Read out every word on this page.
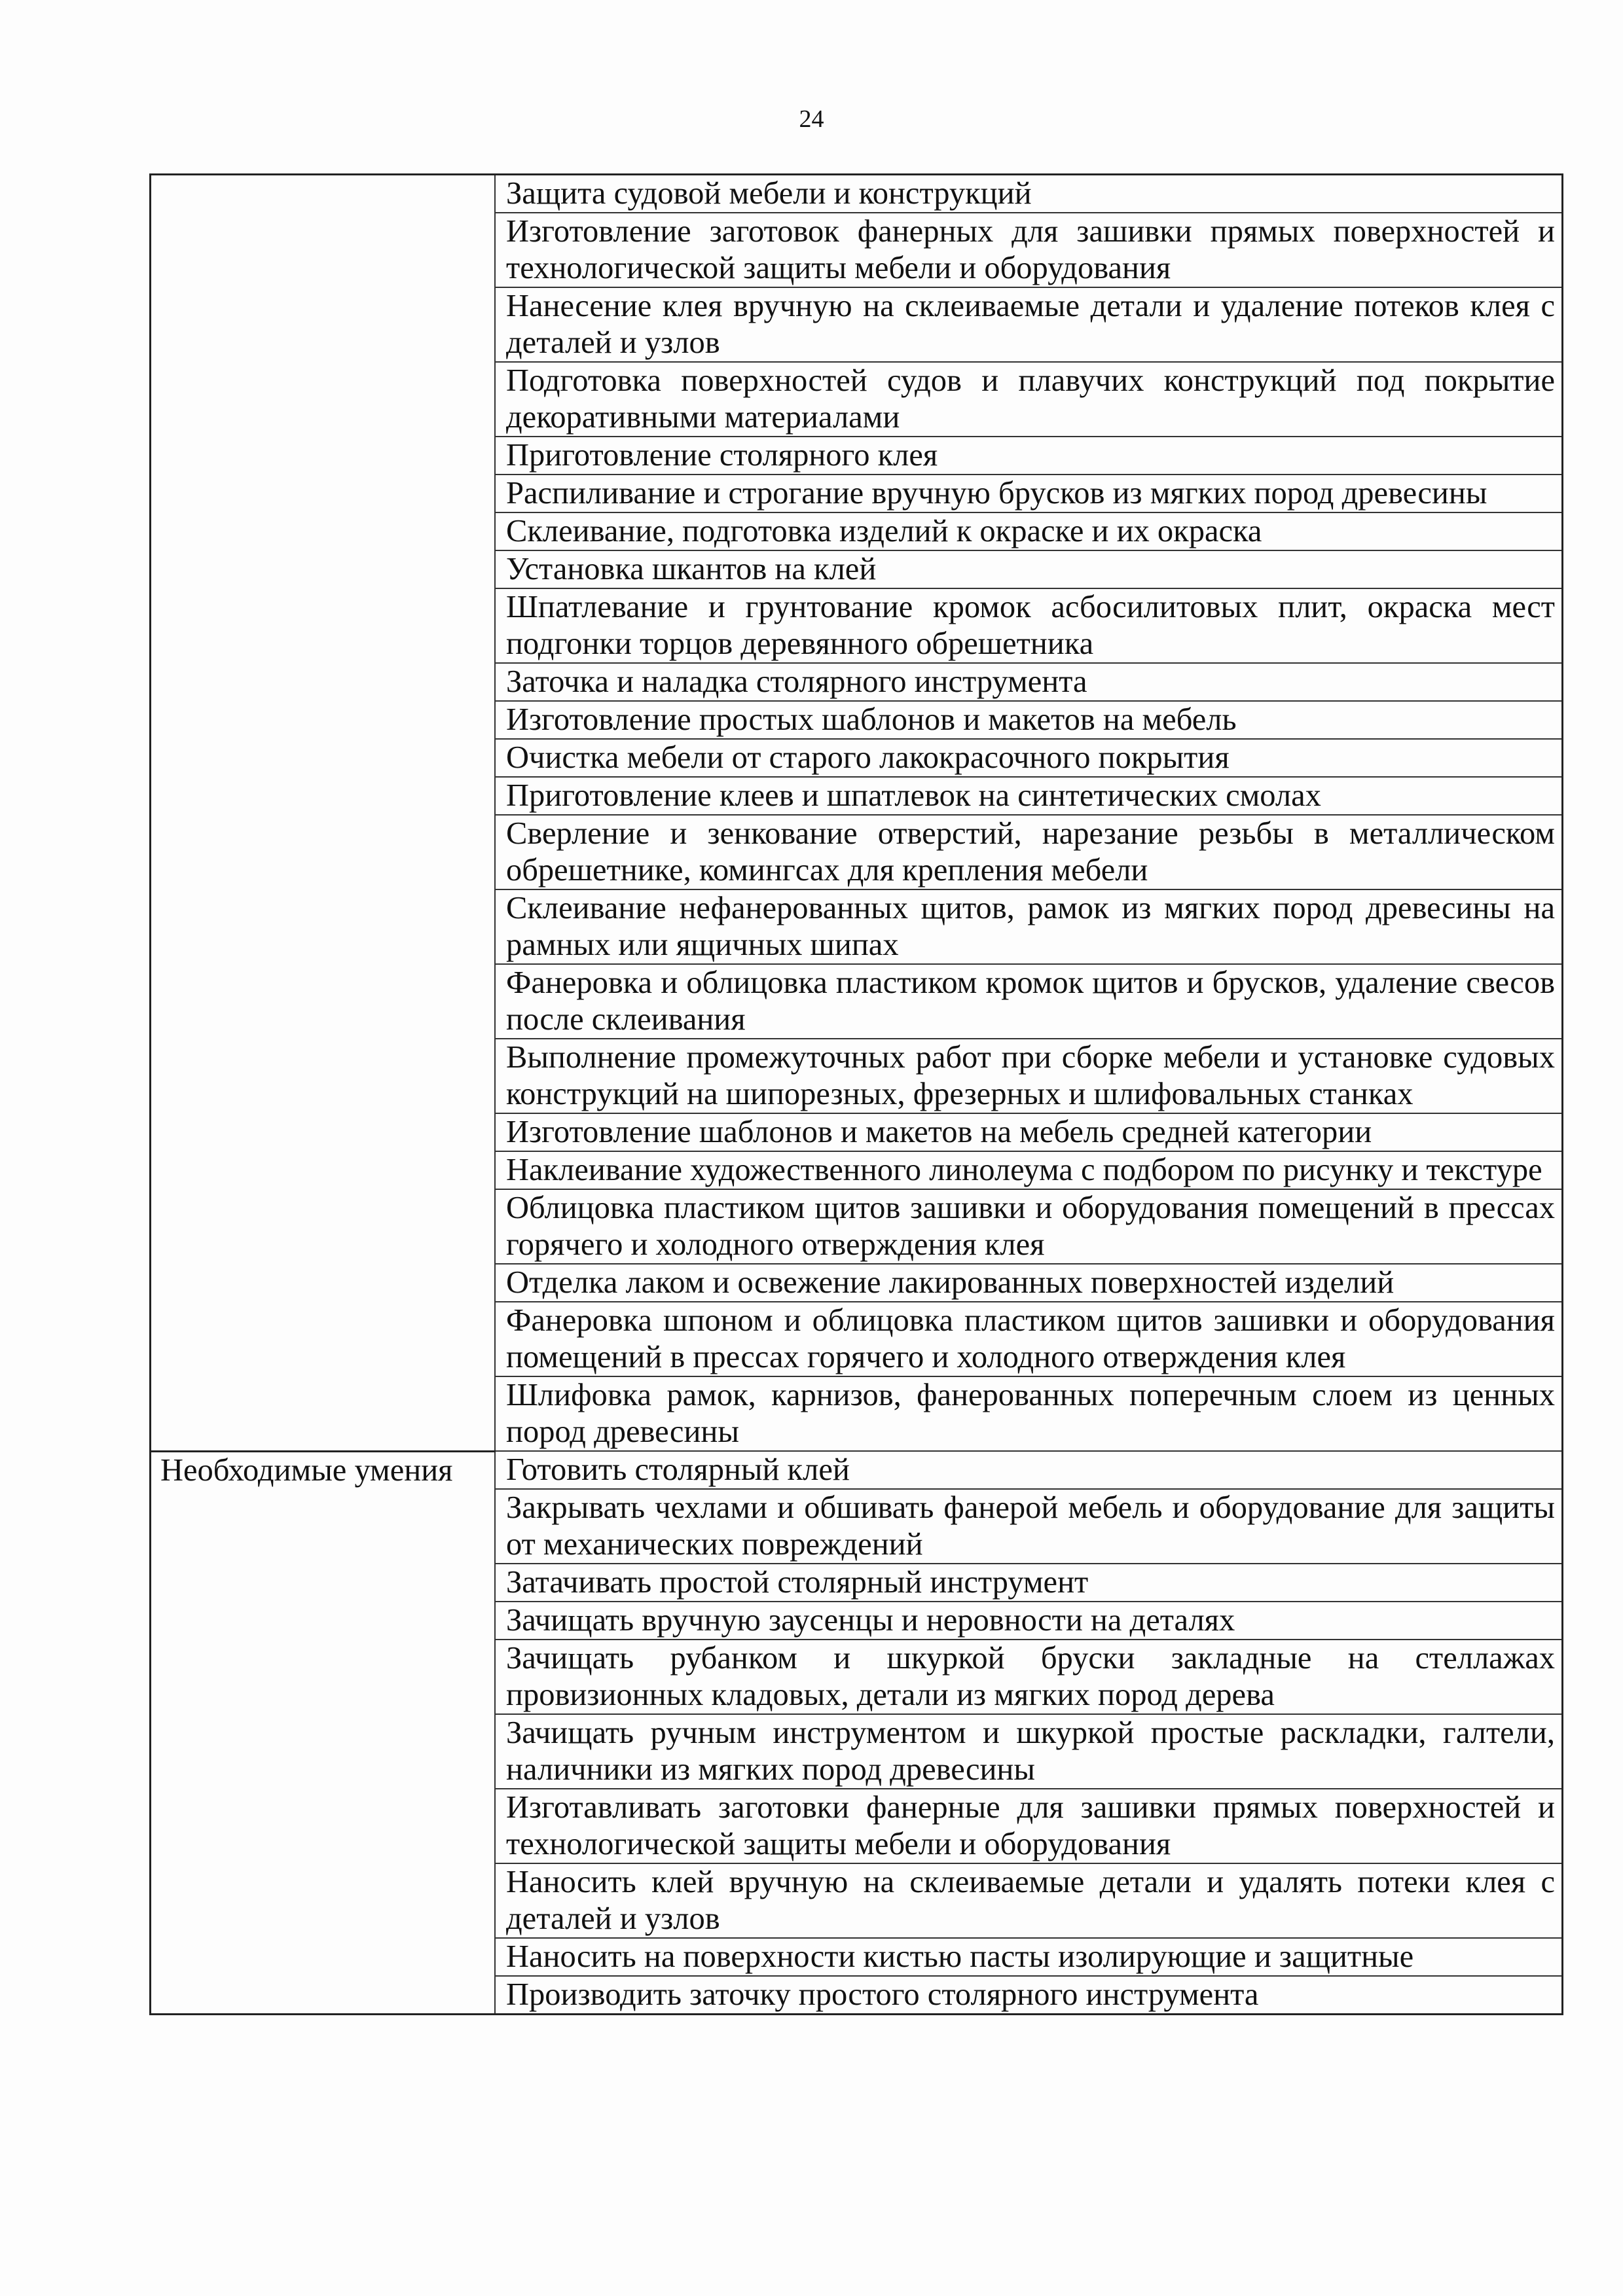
24
	Защита судовой мебели и конструкций
	Изготовление заготовок фанерных для зашивки прямых поверхностей и технологической защиты мебели и оборудования
	Нанесение клея вручную на склеиваемые детали и удаление потеков клея с деталей и узлов
	Подготовка поверхностей судов и плавучих конструкций под покрытие декоративными материалами
	Приготовление столярного клея
	Распиливание и строгание вручную брусков из мягких пород древесины
	Склеивание, подготовка изделий к окраске и их окраска
	Установка шкантов на клей
	Шпатлевание и грунтование кромок асбосилитовых плит, окраска мест подгонки торцов деревянного обрешетника
	Заточка и наладка столярного инструмента
	Изготовление простых шаблонов и макетов на мебель
	Очистка мебели от старого лакокрасочного покрытия
	Приготовление клеев и шпатлевок на синтетических смолах
	Сверление и зенкование отверстий, нарезание резьбы в металлическом обрешетнике, комингсах для крепления мебели
	Склеивание нефанерованных щитов, рамок из мягких пород древесины на рамных или ящичных шипах
	Фанеровка и облицовка пластиком кромок щитов и брусков, удаление свесов после склеивания
	Выполнение промежуточных работ при сборке мебели и установке судовых конструкций на шипорезных, фрезерных и шлифовальных станках
	Изготовление шаблонов и макетов на мебель средней категории
	Наклеивание художественного линолеума с подбором по рисунку и текстуре
	Облицовка пластиком щитов зашивки и оборудования помещений в прессах горячего и холодного отверждения клея
	Отделка лаком и освежение лакированных поверхностей изделий
	Фанеровка шпоном и облицовка пластиком щитов зашивки и оборудования помещений в прессах горячего и холодного отверждения клея
	Шлифовка рамок, карнизов, фанерованных поперечным слоем из ценных пород древесины
Необходимые умения	Готовить столярный клей
	Закрывать чехлами и обшивать фанерой мебель и оборудование для защиты от механических повреждений
	Затачивать простой столярный инструмент
	Зачищать вручную заусенцы и неровности на деталях
	Зачищать рубанком и шкуркой бруски закладные на стеллажах провизионных кладовых, детали из мягких пород дерева
	Зачищать ручным инструментом и шкуркой простые раскладки, галтели, наличники из мягких пород древесины
	Изготавливать заготовки фанерные для зашивки прямых поверхностей и технологической защиты мебели и оборудования
	Наносить клей вручную на склеиваемые детали и удалять потеки клея с деталей и узлов
	Наносить на поверхности кистью пасты изолирующие и защитные
	Производить заточку простого столярного инструмента
